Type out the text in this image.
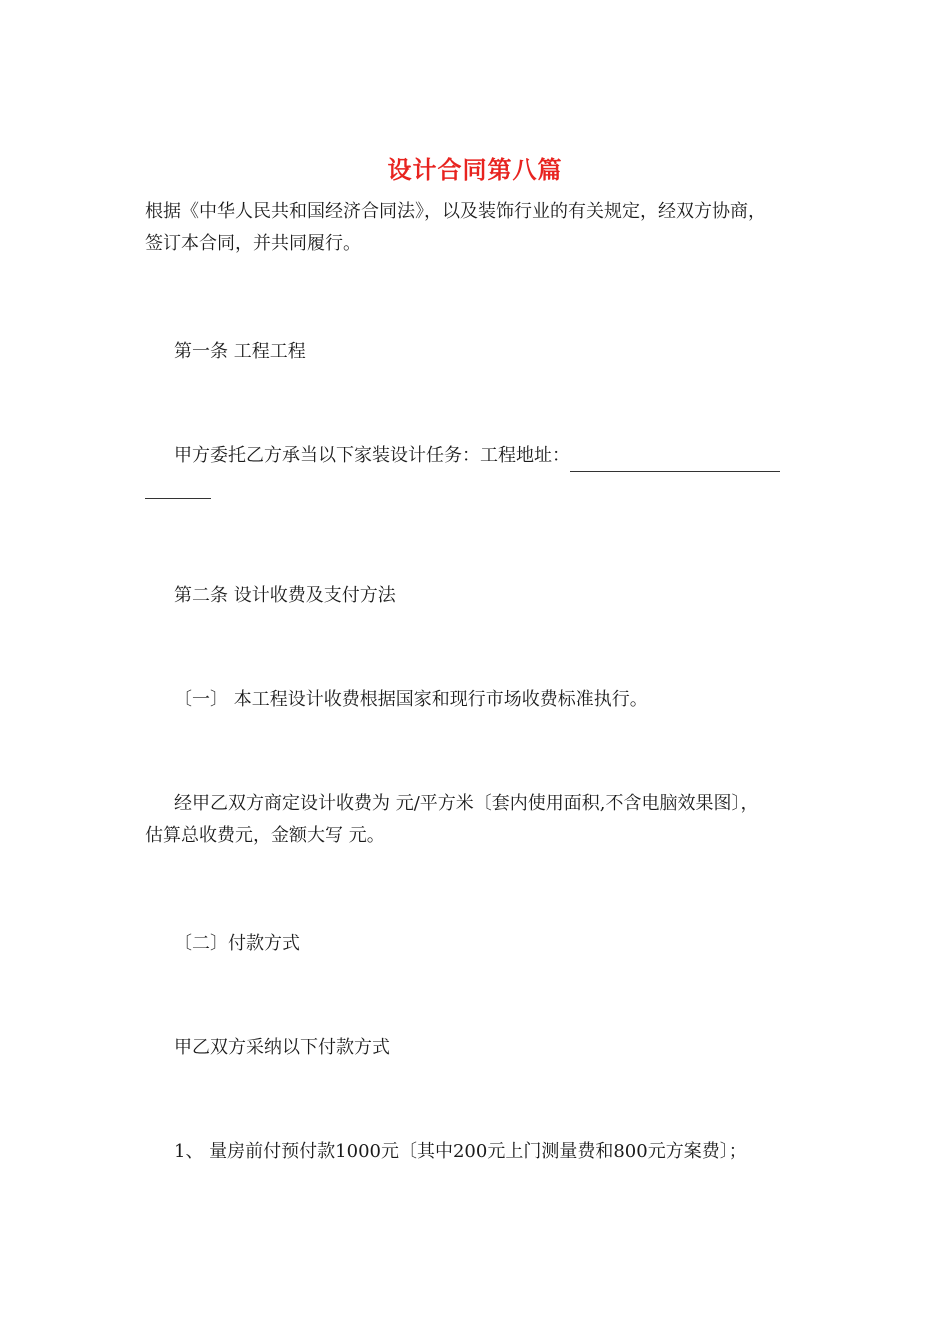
设计合同第八篇

根据《中华人民共和国经济合同法》，以及装饰行业的有关规定，经双方协商，
签订本合同，并共同履行。

第一条 工程工程

甲方委托乙方承当以下家装设计任务：工程地址：

第二条 设计收费及支付方法

〔一〕 本工程设计收费根据国家和现行市场收费标准执行。

经甲乙双方商定设计收费为 元/平方米〔套内使用面积,不含电脑效果图〕，
估算总收费元，金额大写 元。

〔二〕付款方式

甲乙双方采纳以下付款方式

1、 量房前付预付款1000元〔其中200元上门测量费和800元方案费〕；
